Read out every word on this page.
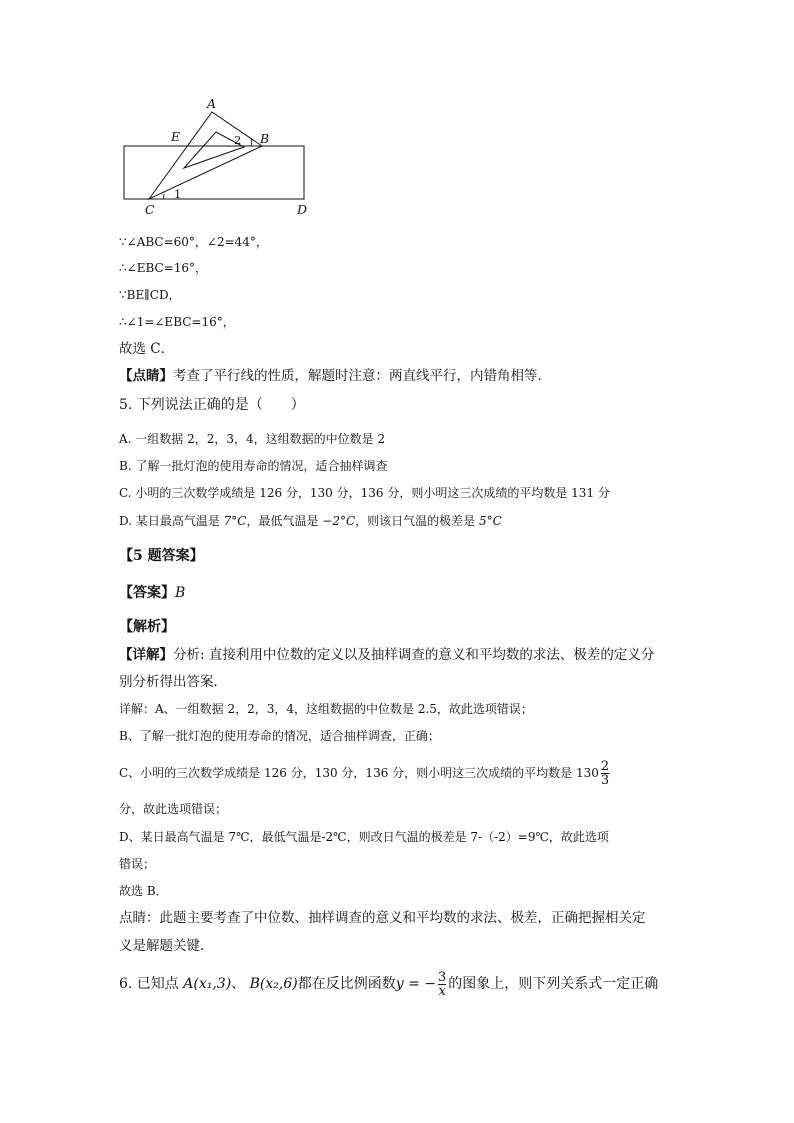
A
E	2 B
1
C	D
∵∠ABC=60°，∠2=44°，
∴∠EBC=16°，
∵BE∥CD，
∴∠1=∠EBC=16°，
故选 C．
【点睛】考查了平行线的性质，解题时注意：两直线平行，内错角相等．
5. 下列说法正确的是（　　）
A. 一组数据 2，2，3，4，这组数据的中位数是 2
B. 了解一批灯泡的使用寿命的情况，适合抽样调查
C. 小明的三次数学成绩是 126 分，130 分，136 分，则小明这三次成绩的平均数是 131 分
D. 某日最高气温是 7°C，最低气温是 −2°C，则该日气温的极差是 5°C
【5 题答案】
【答案】B
【解析】
【详解】分析: 直接利用中位数的定义以及抽样调查的意义和平均数的求法、极差的定义分
别分析得出答案．
详解：A、一组数据 2，2，3，4，这组数据的中位数是 2.5，故此选项错误；
B、了解一批灯泡的使用寿命的情况，适合抽样调查，正确；
C、小明的三次数学成绩是 126 分，130 分，136 分，则小明这三次成绩的平均数是 $130 \frac{2}{3}$
分，故此选项错误；
D、某日最高气温是 7℃，最低气温是-2℃，则改日气温的极差是 7-（-2）=9℃，故此选项
错误；
故选 B．
点睛：此题主要考查了中位数、抽样调查的意义和平均数的求法、极差，正确把握相关定
义是解题关键．
6. 已知点 A(x₁,3)、 B(x₂,6)都在反比例函数y = − $\frac{3}{x}$ 的图象上，则下列关系式一定正确
